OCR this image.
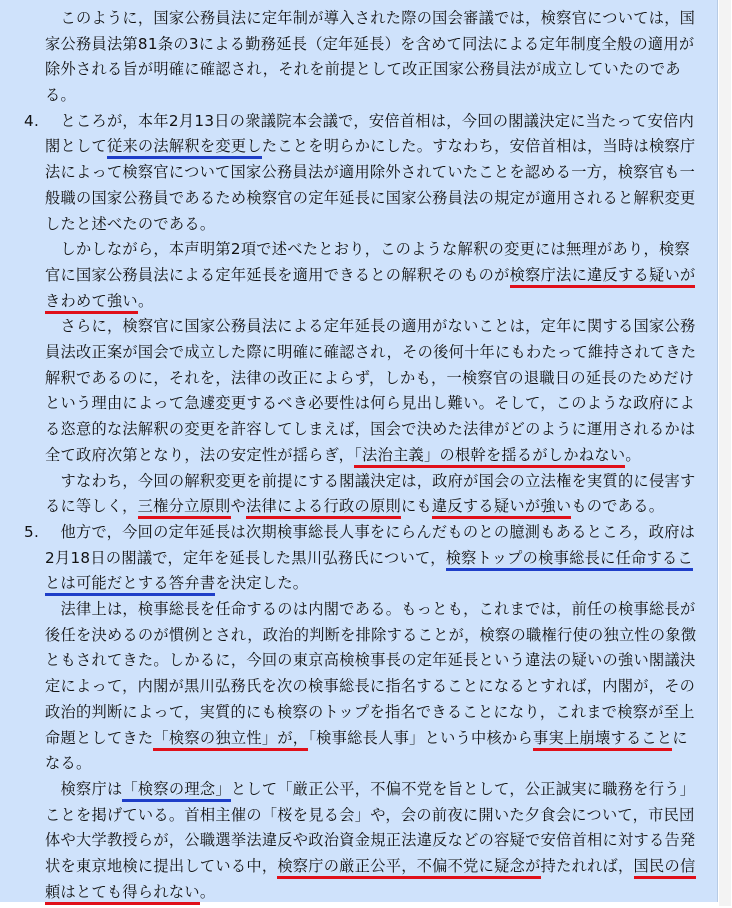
　このように，国家公務員法に定年制が導入された際の国会審議では，検察官については，国
家公務員法第81条の3による勤務延長（定年延長）を含めて同法による定年制度全般の適用が
除外される旨が明確に確認され，それを前提として改正国家公務員法が成立していたのであ
る。
4. 　ところが，本年2月13日の衆議院本会議で，安倍首相は，今回の閣議決定に当たって安倍内
閣として従来の法解釈を変更したことを明らかにした。すなわち，安倍首相は，当時は検察庁
法によって検察官について国家公務員法が適用除外されていたことを認める一方，検察官も一
般職の国家公務員であるため検察官の定年延長に国家公務員法の規定が適用されると解釈変更
したと述べたのである。
　しかしながら，本声明第2項で述べたとおり，このような解釈の変更には無理があり，検察
官に国家公務員法による定年延長を適用できるとの解釈そのものが検察庁法に違反する疑いが
きわめて強い。
　さらに，検察官に国家公務員法による定年延長の適用がないことは，定年に関する国家公務
員法改正案が国会で成立した際に明確に確認され，その後何十年にもわたって維持されてきた
解釈であるのに，それを，法律の改正によらず，しかも，一検察官の退職日の延長のためだけ
という理由によって急遽変更するべき必要性は何ら見出し難い。そして，このような政府によ
る恣意的な法解釈の変更を許容してしまえば，国会で決めた法律がどのように運用されるかは
全て政府次第となり，法の安定性が揺らぎ，「法治主義」の根幹を揺るがしかねない。
　すなわち，今回の解釈変更を前提にする閣議決定は，政府が国会の立法権を実質的に侵害す
るに等しく，三権分立原則や法律による行政の原則にも違反する疑いが強いものである。
5. 　他方で，今回の定年延長は次期検事総長人事をにらんだものとの臆測もあるところ，政府は
2月18日の閣議で，定年を延長した黒川弘務氏について，検察トップの検事総長に任命するこ
とは可能だとする答弁書を決定した。
　法律上は，検事総長を任命するのは内閣である。もっとも，これまでは，前任の検事総長が
後任を決めるのが慣例とされ，政治的判断を排除することが，検察の職権行使の独立性の象徴
ともされてきた。しかるに，今回の東京高検検事長の定年延長という違法の疑いの強い閣議決
定によって，内閣が黒川弘務氏を次の検事総長に指名することになるとすれば，内閣が，その
政治的判断によって，実質的にも検察のトップを指名できることになり，これまで検察が至上
命題としてきた「検察の独立性」が，「検事総長人事」という中核から事実上崩壊することに
なる。
　検察庁は「検察の理念」として「厳正公平，不偏不党を旨として，公正誠実に職務を行う」
ことを掲げている。首相主催の「桜を見る会」や，会の前夜に開いた夕食会について，市民団
体や大学教授らが，公職選挙法違反や政治資金規正法違反などの容疑で安倍首相に対する告発
状を東京地検に提出している中，検察庁の厳正公平，不偏不党に疑念が持たれれば，国民の信
頼はとても得られない。
